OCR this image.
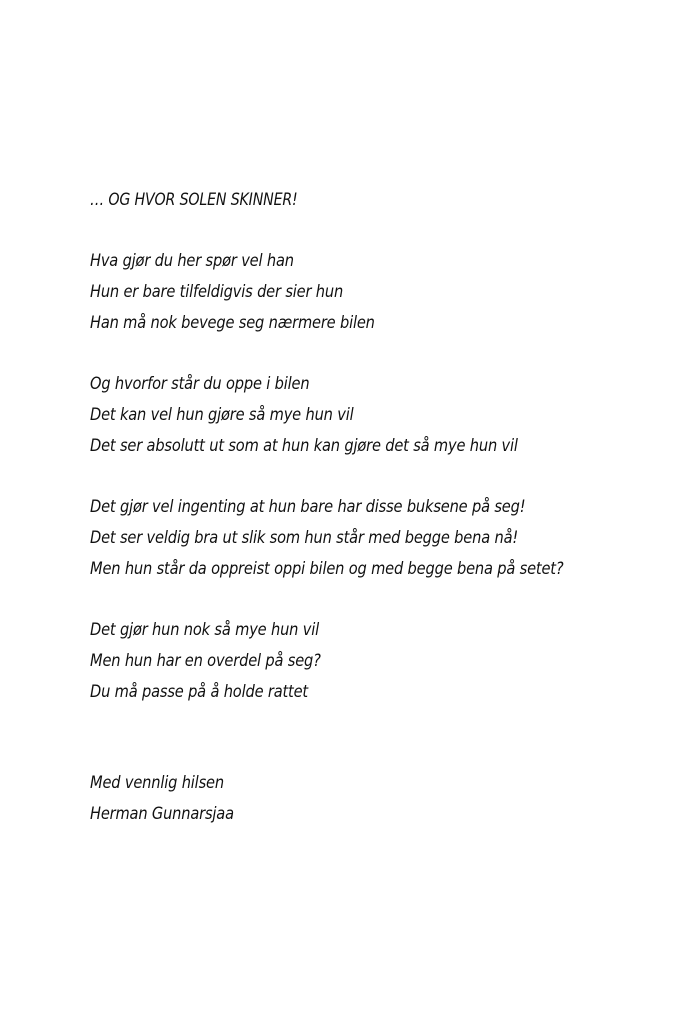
… OG HVOR SOLEN SKINNER!

Hva gjør du her spør vel han

Hun er bare tilfeldigvis der sier hun

Han må nok bevege seg nærmere bilen

Og hvorfor står du oppe i bilen

Det kan vel hun gjøre så mye hun vil

Det ser absolutt ut som at hun kan gjøre det så mye hun vil

Det gjør vel ingenting at hun bare har disse buksene på seg!

Det ser veldig bra ut slik som hun står med begge bena nå!

Men hun står da oppreist oppi bilen og med begge bena på setet?

Det gjør hun nok så mye hun vil

Men hun har en overdel på seg?

Du må passe på å holde rattet

Med vennlig hilsen

Herman Gunnarsjaa
